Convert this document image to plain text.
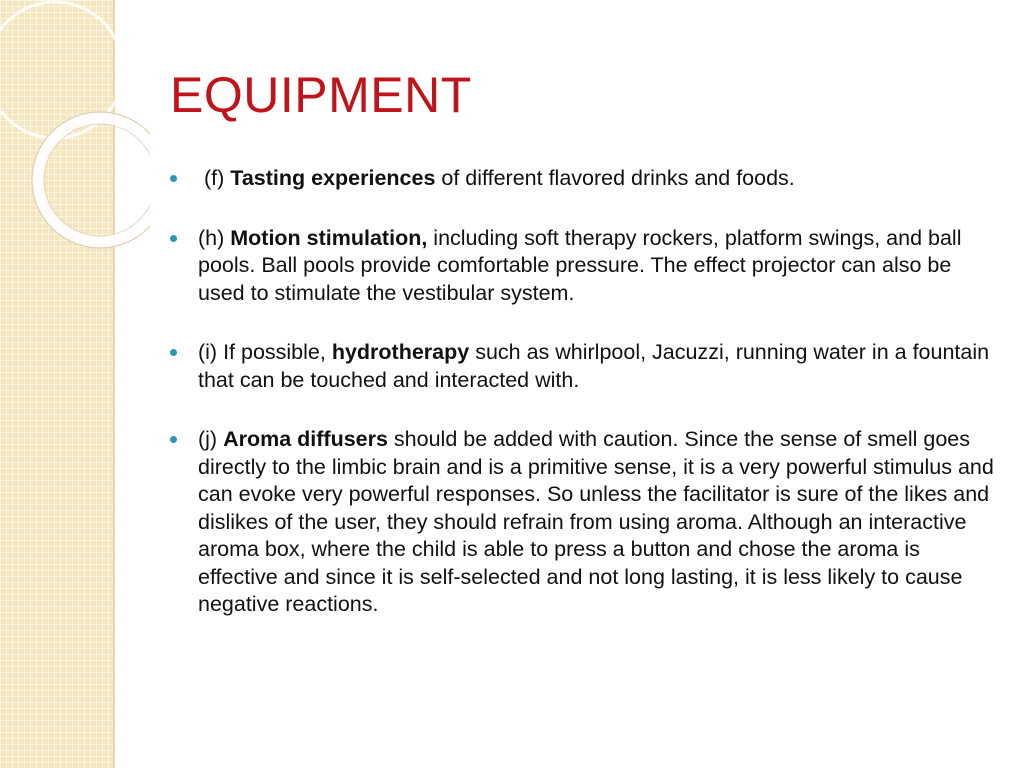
EQUIPMENT
(f) Tasting experiences of different flavored drinks and foods.
(h) Motion stimulation, including soft therapy rockers, platform swings, and ball pools. Ball pools provide comfortable pressure. The effect projector can also be used to stimulate the vestibular system.
(i) If possible, hydrotherapy such as whirlpool, Jacuzzi, running water in a fountain that can be touched and interacted with.
(j) Aroma diffusers should be added with caution. Since the sense of smell goes directly to the limbic brain and is a primitive sense, it is a very powerful stimulus and can evoke very powerful responses. So unless the facilitator is sure of the likes and dislikes of the user, they should refrain from using aroma. Although an interactive aroma box, where the child is able to press a button and chose the aroma is effective and since it is self-selected and not long lasting, it is less likely to cause negative reactions.
